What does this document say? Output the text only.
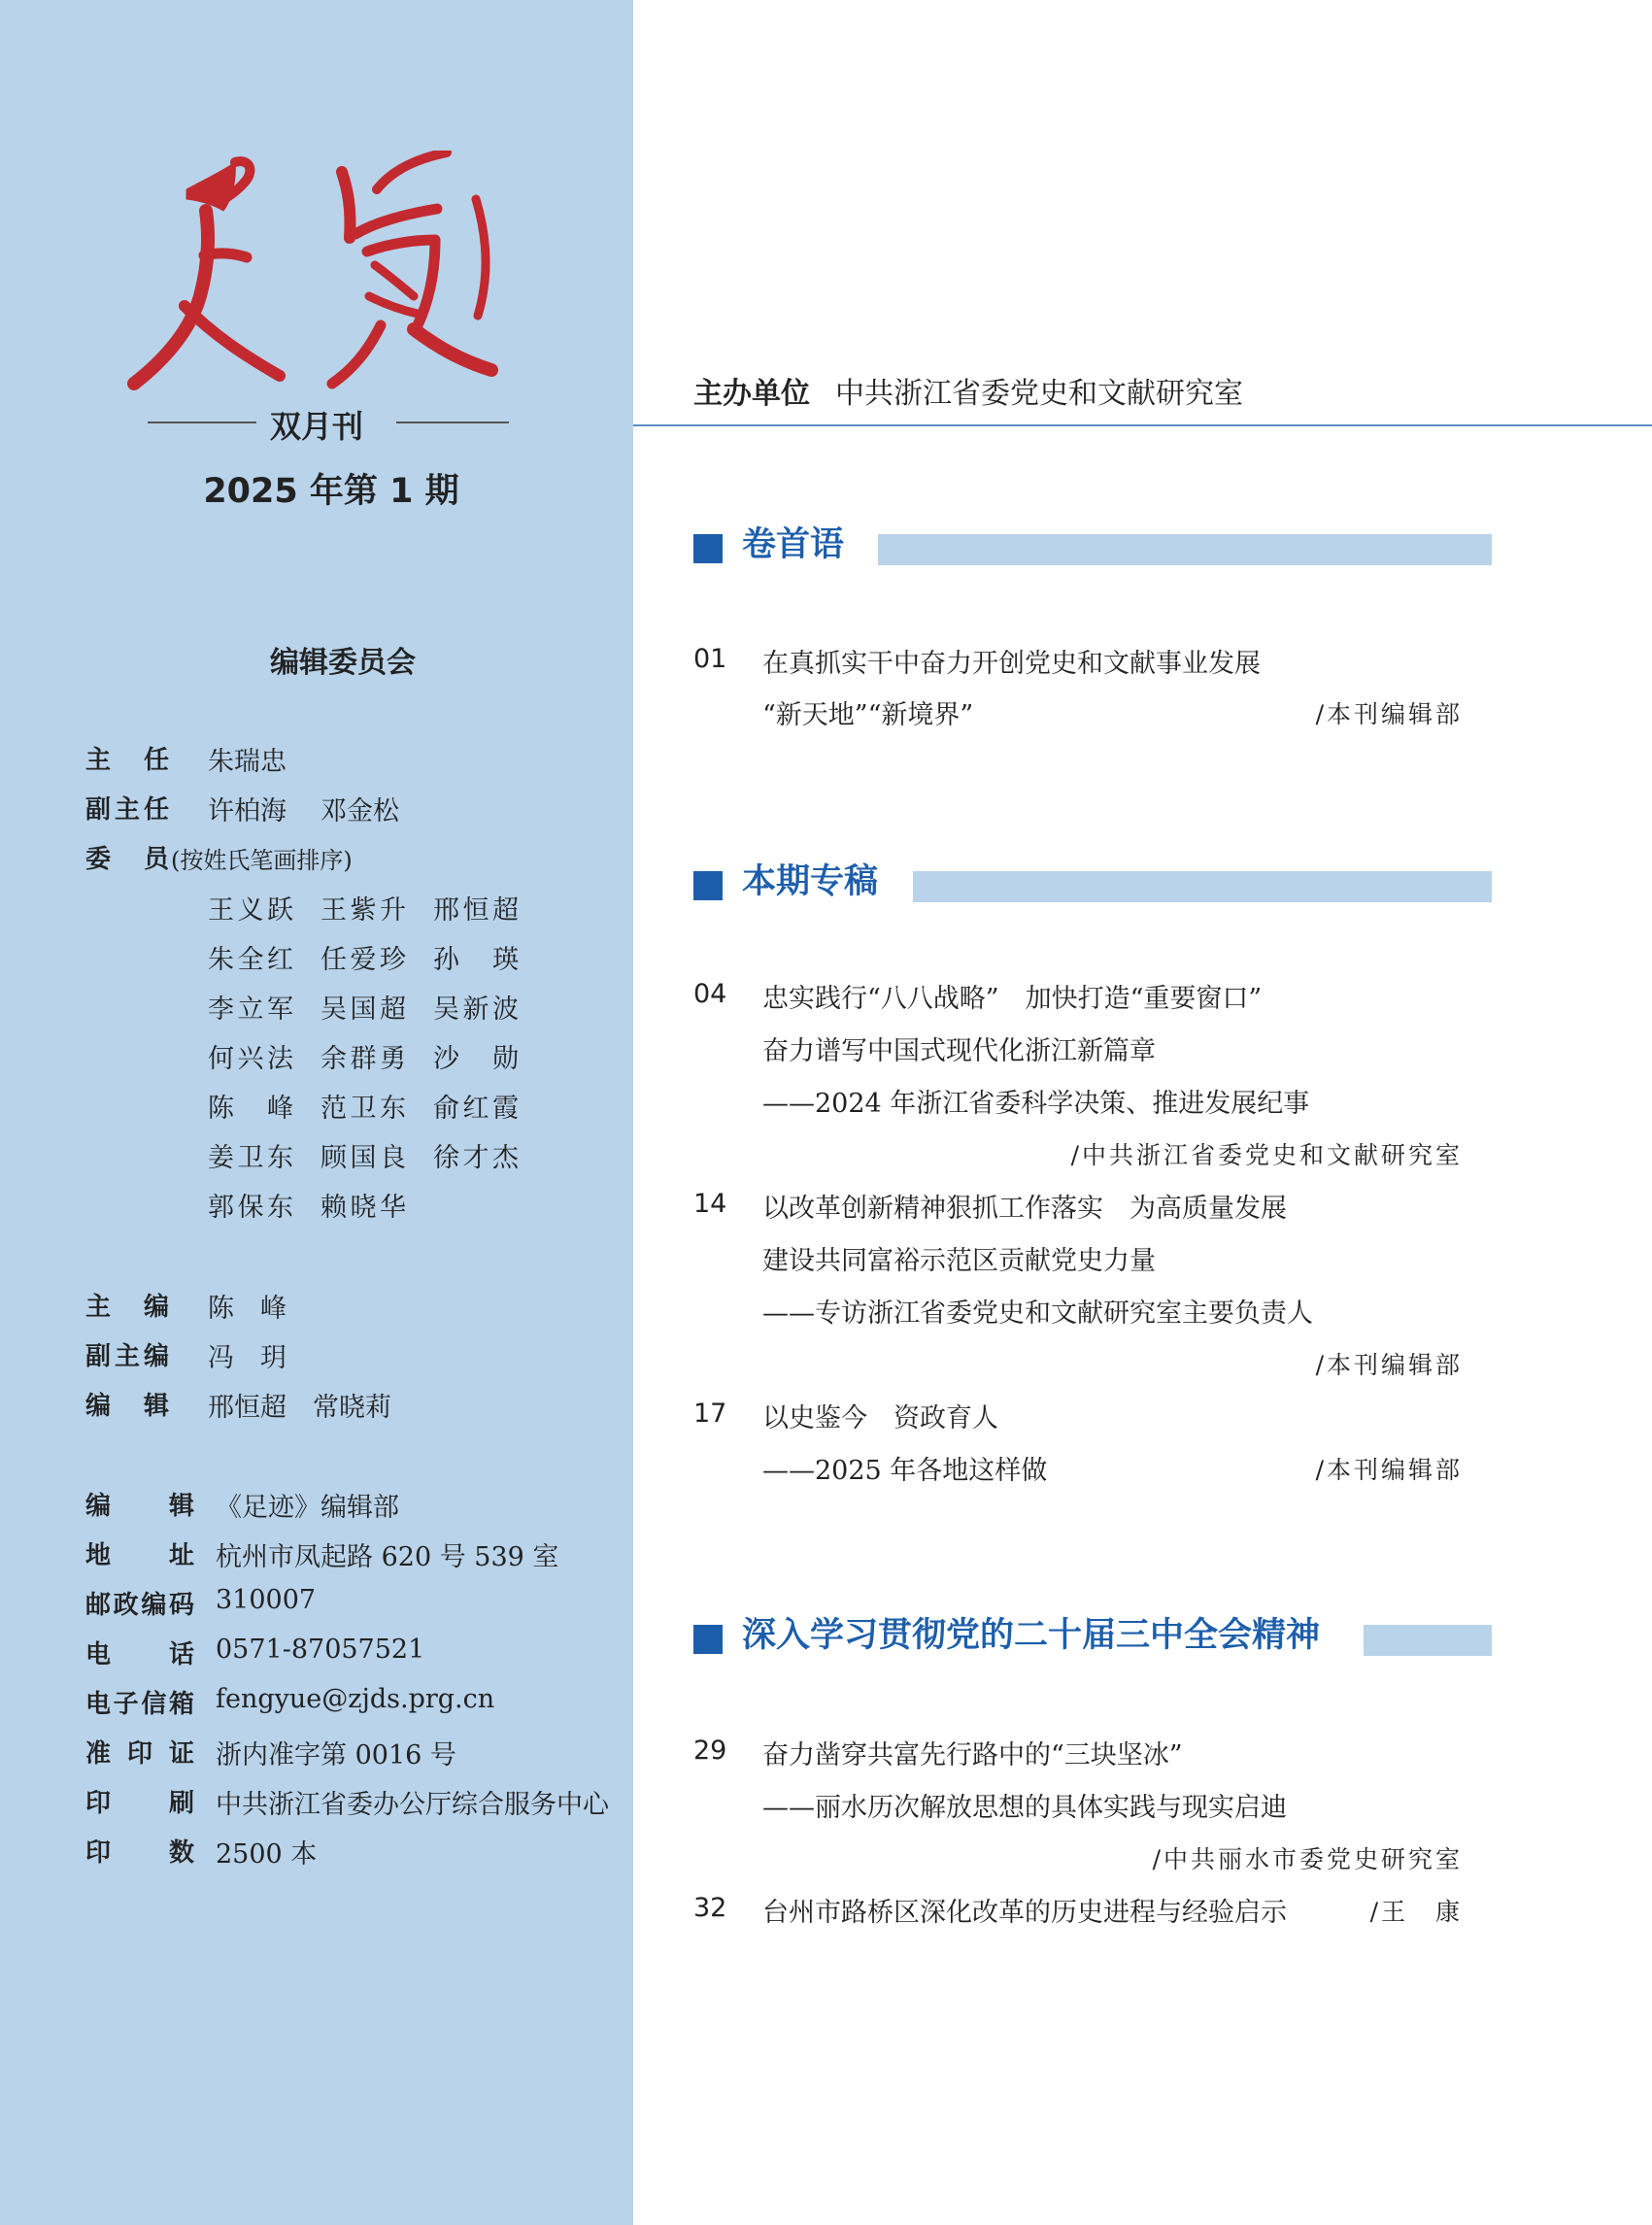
双月刊
2025 年第 1 期
编辑委员会
主　任 朱瑞忠
副主任 许柏海 邓金松
委　员 (按姓氏笔画排序)
王义跃 王紫升 邢恒超
朱全红 任爱珍 孙瑛
李立军 吴国超 吴新波
何兴法 余群勇 沙勋
陈峰 范卫东 俞红霞
姜卫东 顾国良 徐才杰
郭保东 赖晓华
主　编 陈　峰
副主编 冯　玥
编　辑 邢恒超　常晓莉
编辑 《足迹》编辑部
地址 杭州市凤起路 620 号 539 室
邮政编码 310007
电话 0571-87057521
电子信箱 fengyue@zjds.prg.cn
准印证 浙内准字第 0016 号
印刷 中共浙江省委办公厅综合服务中心
印数 2500 本
主办单位 中共浙江省委党史和文献研究室
卷首语
01 在真抓实干中奋力开创党史和文献事业发展
“新天地”“新境界”	/本刊编辑部
本期专稿
04 忠实践行“八八战略”　加快打造“重要窗口”
奋力谱写中国式现代化浙江新篇章
——2024 年浙江省委科学决策、推进发展纪事
/中共浙江省委党史和文献研究室
14 以改革创新精神狠抓工作落实　为高质量发展
建设共同富裕示范区贡献党史力量
——专访浙江省委党史和文献研究室主要负责人
/本刊编辑部
17 以史鉴今　资政育人
——2025 年各地这样做	/本刊编辑部
深入学习贯彻党的二十届三中全会精神
29 奋力凿穿共富先行路中的“三块坚冰”
——丽水历次解放思想的具体实践与现实启迪
/中共丽水市委党史研究室
32 台州市路桥区深化改革的历史进程与经验启示	/王　康
